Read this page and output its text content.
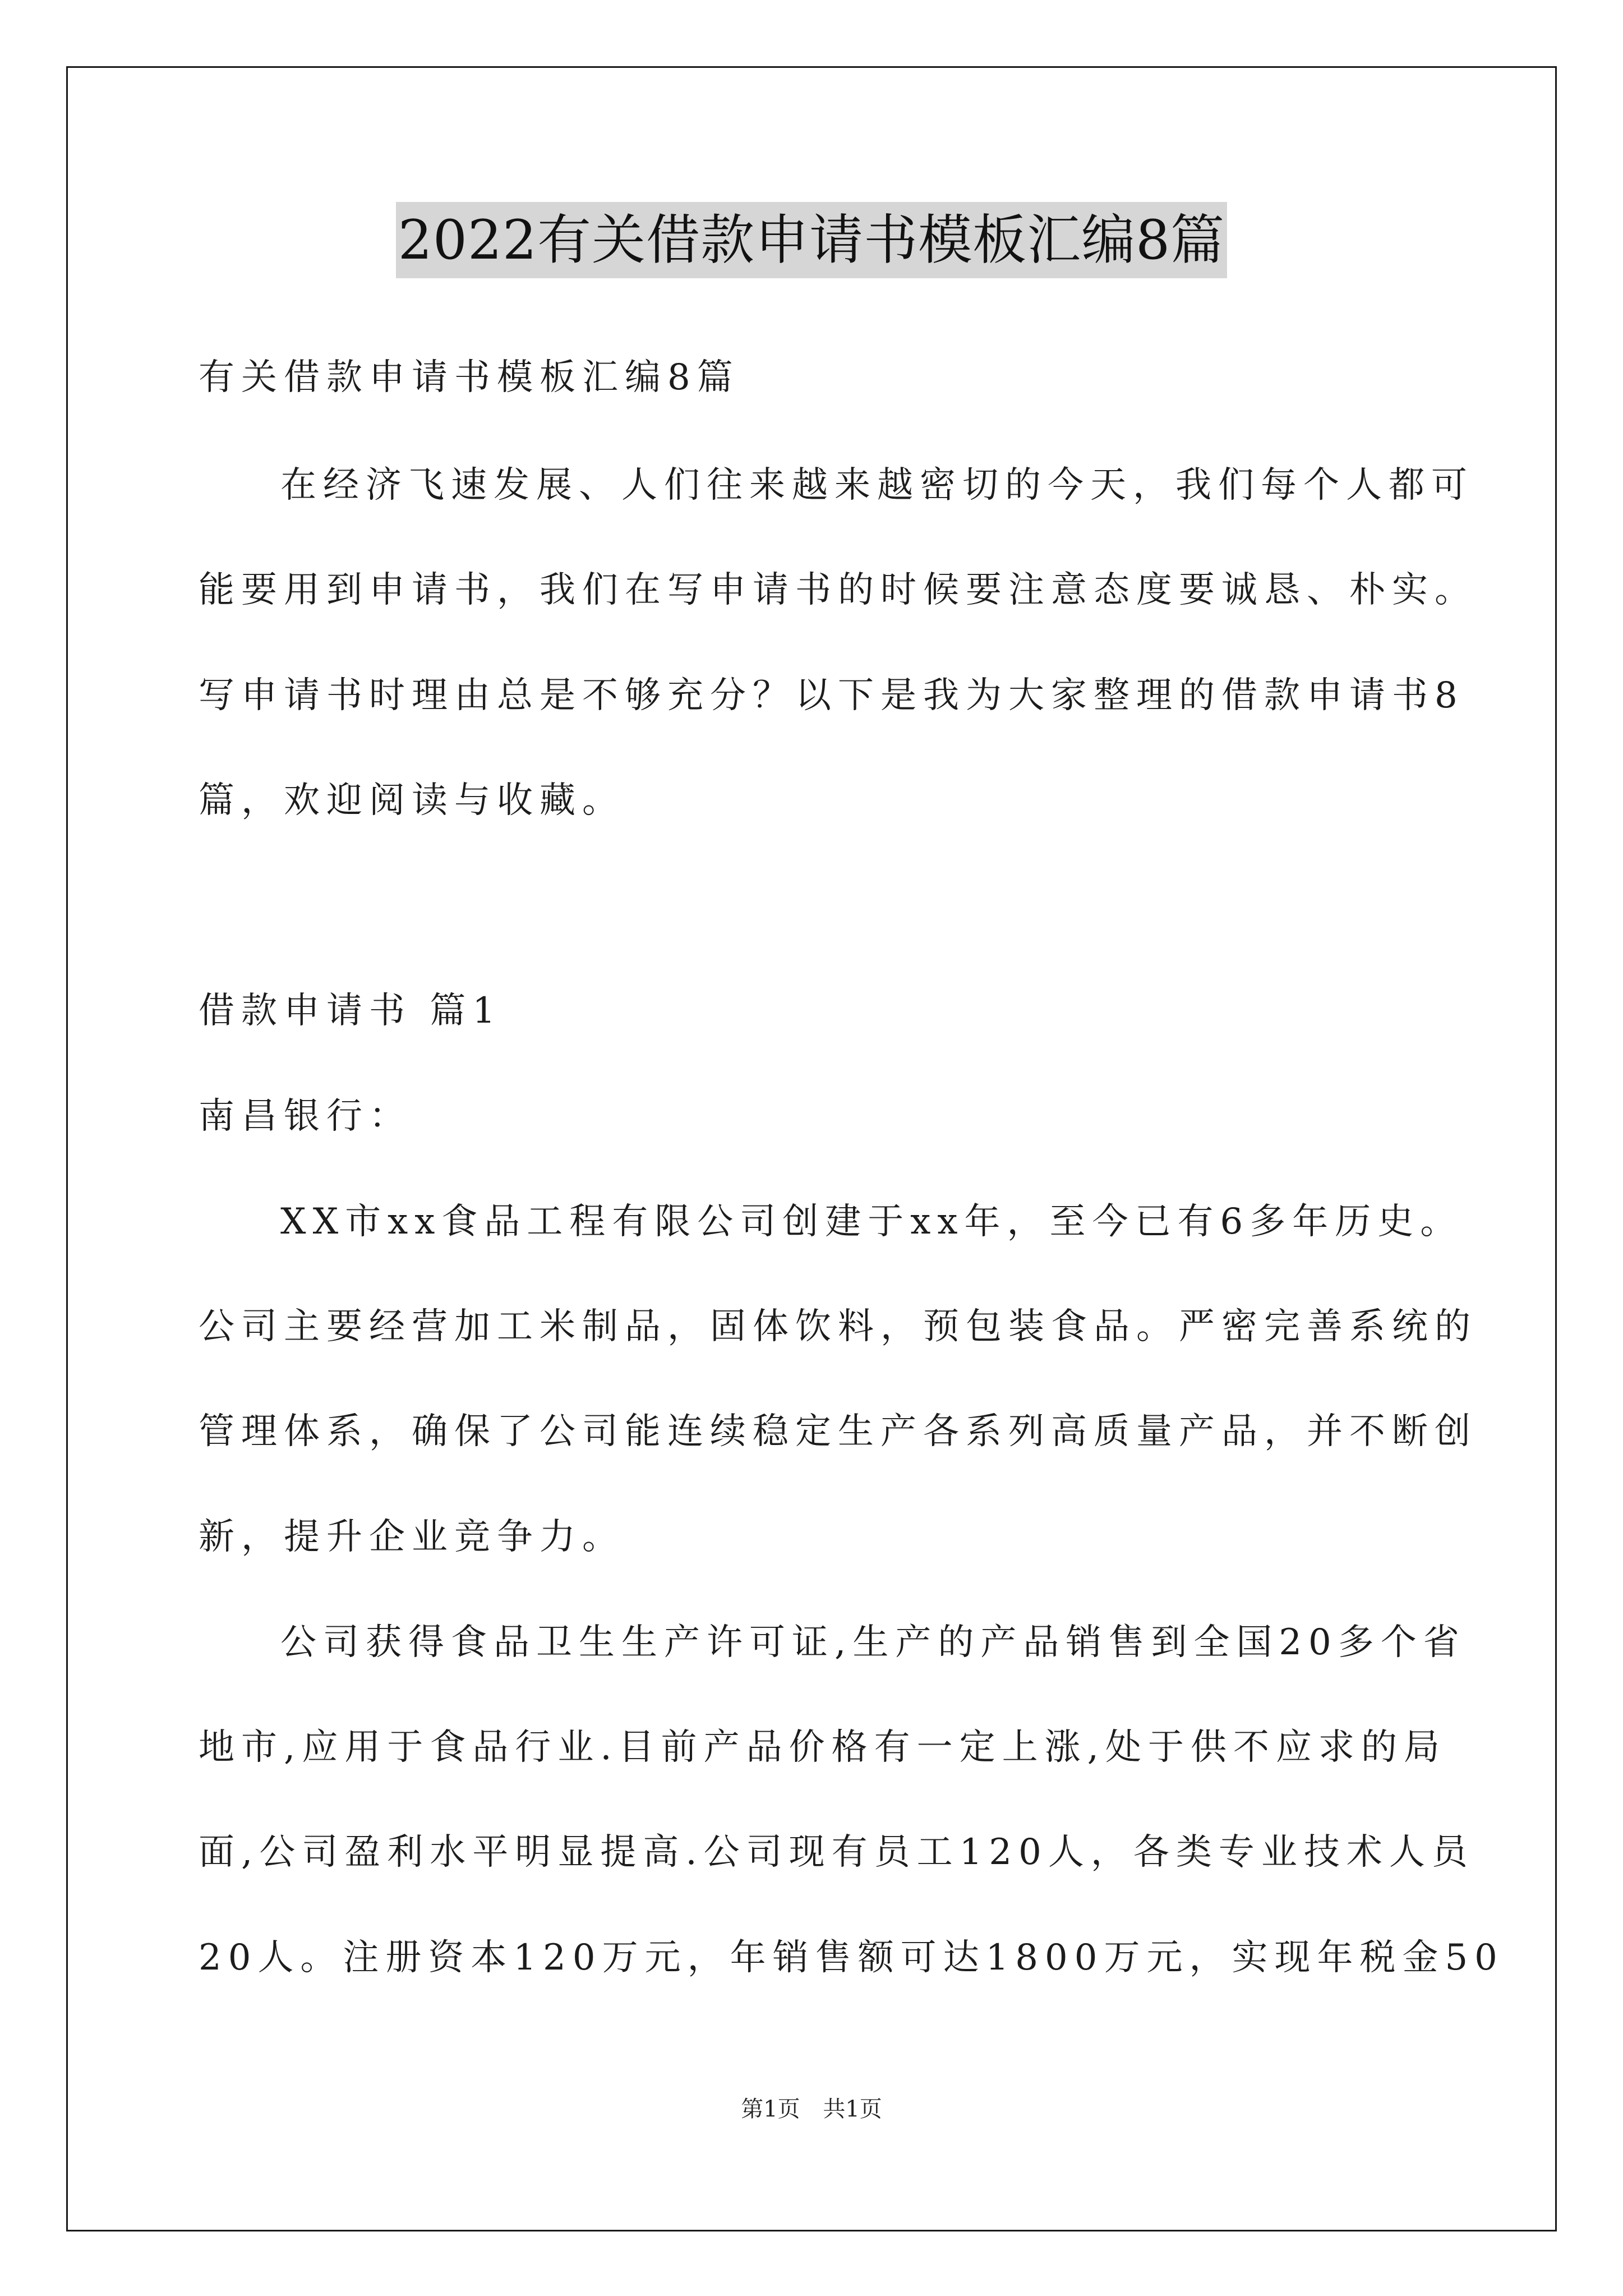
2022有关借款申请书模板汇编8篇
有关借款申请书模板汇编8篇
在经济飞速发展、人们往来越来越密切的今天，我们每个人都可
能要用到申请书，我们在写申请书的时候要注意态度要诚恳、朴实。
写申请书时理由总是不够充分？以下是我为大家整理的借款申请书8
篇，欢迎阅读与收藏。
借款申请书 篇1
南昌银行：
XX市xx食品工程有限公司创建于xx年，至今已有6多年历史。
公司主要经营加工米制品，固体饮料，预包装食品。严密完善系统的
管理体系，确保了公司能连续稳定生产各系列高质量产品，并不断创
新，提升企业竞争力。
公司获得食品卫生生产许可证,生产的产品销售到全国20多个省
地市,应用于食品行业.目前产品价格有一定上涨,处于供不应求的局
面,公司盈利水平明显提高.公司现有员工120人，各类专业技术人员
20人。注册资本120万元，年销售额可达1800万元，实现年税金50
第1页 共1页
